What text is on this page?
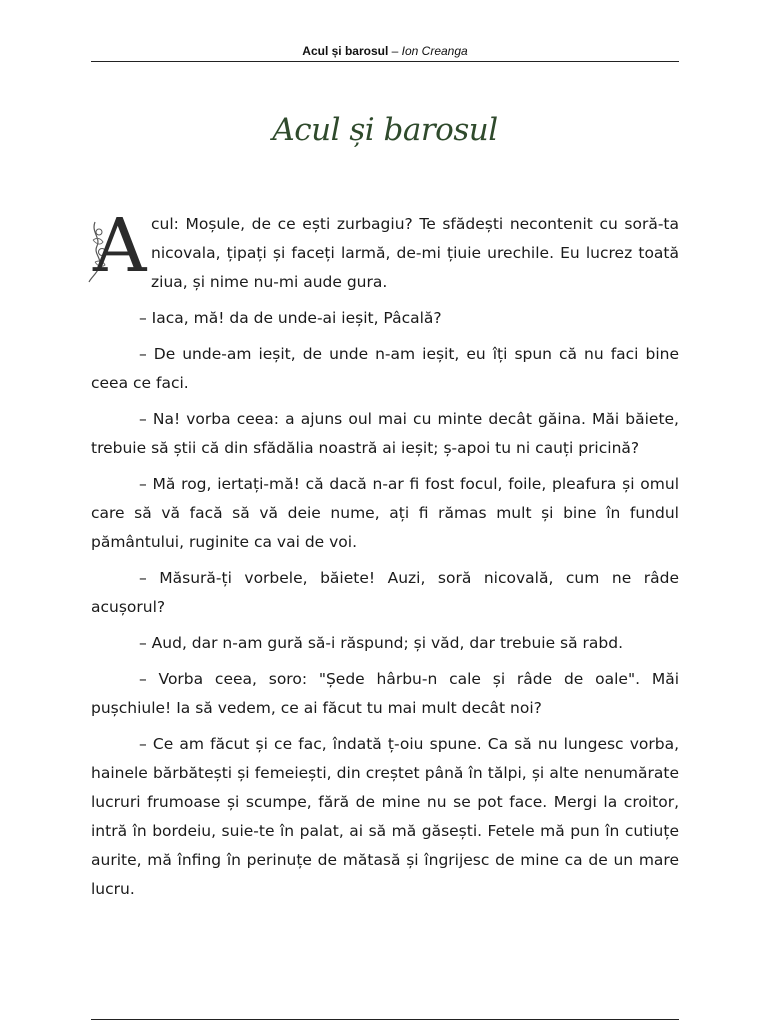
Acul și barosul – Ion Creanga
Acul și barosul

A cul: Moșule, de ce ești zurbagiu? Te sfădești necontenit cu soră-ta nicovala, țipați și faceți larmă, de-mi țiuie urechile. Eu lucrez toată ziua, și nime nu-mi aude gura.

– Iaca, mă! da de unde-ai ieșit, Pâcală?

– De unde-am ieșit, de unde n-am ieșit, eu îți spun că nu faci bine ceea ce faci.

– Na! vorba ceea: a ajuns oul mai cu minte decât găina. Măi băiete, trebuie să știi că din sfădălia noastră ai ieșit; ș-apoi tu ni cauți pricină?

– Mă rog, iertați-mă! că dacă n-ar fi fost focul, foile, pleafura și omul care să vă facă să vă deie nume, ați fi rămas mult și bine în fundul pământului, ruginite ca vai de voi.

– Măsură-ți vorbele, băiete! Auzi, soră nicovală, cum ne râde acușorul?

– Aud, dar n-am gură să-i răspund; și văd, dar trebuie să rabd.

– Vorba ceea, soro: "Șede hârbu-n cale și râde de oale". Măi pușchiule! Ia să vedem, ce ai făcut tu mai mult decât noi?

– Ce am făcut și ce fac, îndată ț-oiu spune. Ca să nu lungesc vorba, hainele bărbătești și femeiești, din creștet până în tălpi, și alte nenumărate lucruri frumoase și scumpe, fără de mine nu se pot face. Mergi la croitor, intră în bordeiu, suie-te în palat, ai să mă găsești. Fetele mă pun în cutiuțe aurite, mă înfing în perinuțe de mătasă și îngrijesc de mine ca de un mare lucru.
